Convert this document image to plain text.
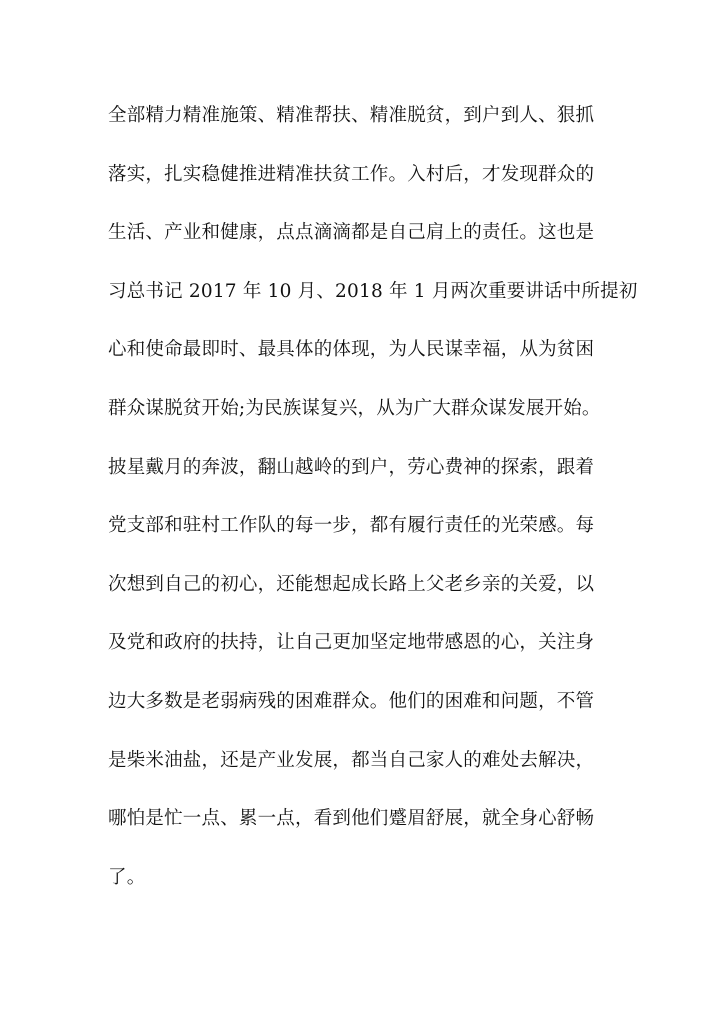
全部精力精准施策、精准帮扶、精准脱贫，到户到人、狠抓
落实，扎实稳健推进精准扶贫工作。入村后，才发现群众的
生活、产业和健康，点点滴滴都是自己肩上的责任。这也是
习总书记 2017 年 10 月、2018 年 1 月两次重要讲话中所提初
心和使命最即时、最具体的体现，为人民谋幸福，从为贫困
群众谋脱贫开始;为民族谋复兴，从为广大群众谋发展开始。
披星戴月的奔波，翻山越岭的到户，劳心费神的探索，跟着
党支部和驻村工作队的每一步，都有履行责任的光荣感。每
次想到自己的初心，还能想起成长路上父老乡亲的关爱，以
及党和政府的扶持，让自己更加坚定地带感恩的心，关注身
边大多数是老弱病残的困难群众。他们的困难和问题，不管
是柴米油盐，还是产业发展，都当自己家人的难处去解决，
哪怕是忙一点、累一点，看到他们蹙眉舒展，就全身心舒畅
了。
